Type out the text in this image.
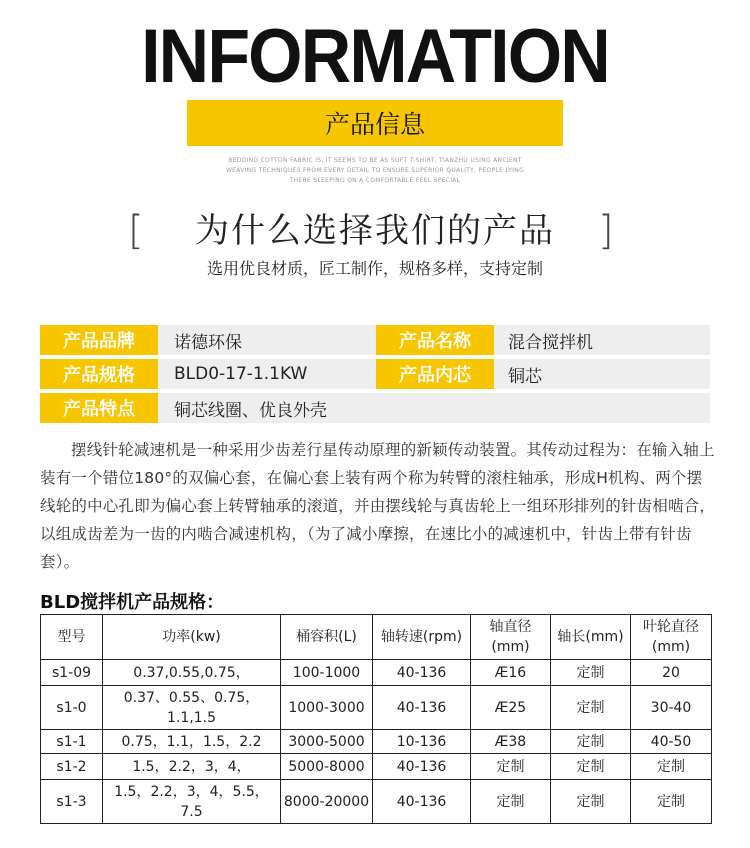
INFORMATION
产品信息
BEDDING COTTON FABRIC IS, IT SEEMS TO BE AS SOFT T-SHIRT, TIANZHU USING ANCIENT
WEAVING TECHNIQUES FROM EVERY DETAIL TO ENSURE SUPERIOR QUALITY, PEOPLE LYING
THERE SLEEPING ON A COMFORTABLE FEEL SPECIAL
[	为什么选择我们的产品	]
选用优良材质，匠工制作，规格多样，支持定制
产品品牌	诺德环保	产品名称	混合搅拌机
产品规格	BLD0-17-1.1KW	产品内芯	铜芯
产品特点	铜芯线圈、优良外壳
摆线针轮减速机是一种采用少齿差行星传动原理的新颖传动装置。其传动过程为：在输入轴上装有一个错位180°的双偏心套，在偏心套上装有两个称为转臂的滚柱轴承，形成H机构、两个摆线轮的中心孔即为偏心套上转臂轴承的滚道，并由摆线轮与真齿轮上一组环形排列的针齿相啮合，以组成齿差为一齿的内啮合减速机构，（为了减小摩擦，在速比小的减速机中，针齿上带有针齿套）。
BLD搅拌机产品规格：
型号	功率(kw)	桶容积(L)	轴转速(rpm)	轴直径(mm)	轴长(mm)	叶轮直径(mm)
s1-09	0.37,0.55,0.75，	100-1000	40-136	Æ16	定制	20
s1-0	0.37、0.55、0.75，1.1,1.5	1000-3000	40-136	Æ25	定制	30-40
s1-1	0.75，1.1，1.5，2.2	3000-5000	10-136	Æ38	定制	40-50
s1-2	1.5，2.2，3，4，	5000-8000	40-136	定制	定制	定制
s1-3	1.5，2.2，3，4，5.5，7.5	8000-20000	40-136	定制	定制	定制
